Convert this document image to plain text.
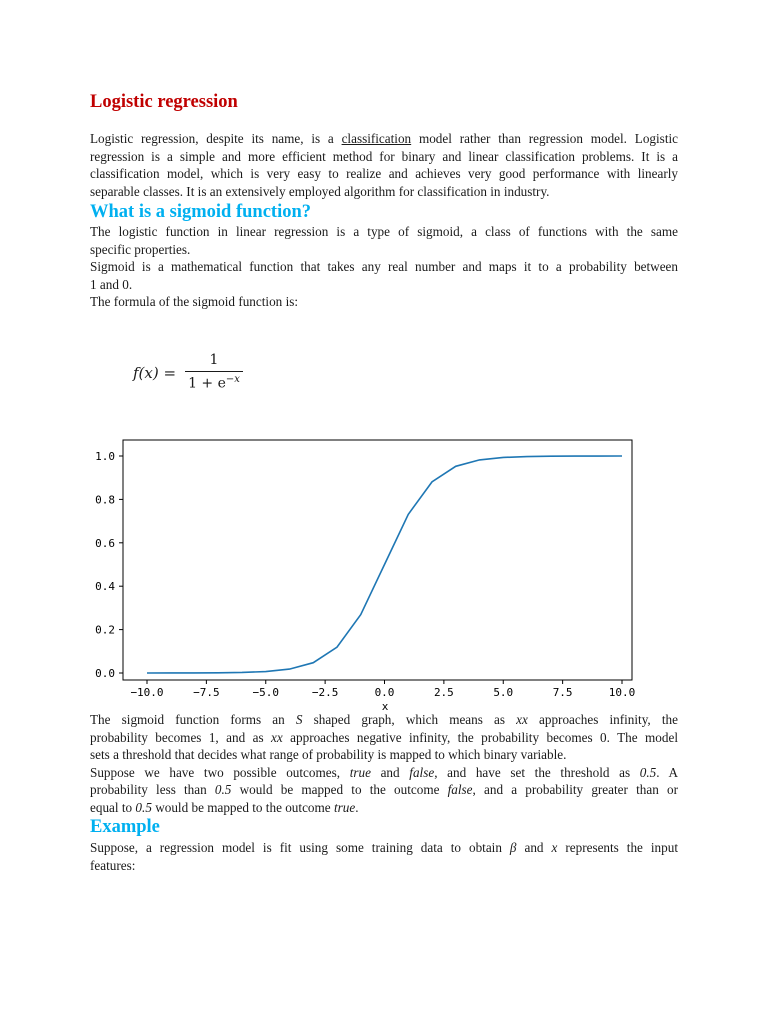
Logistic regression
Logistic regression, despite its name, is a classification model rather than regression model. Logistic
regression is a simple and more efficient method for binary and linear classification problems. It is a
classification model, which is very easy to realize and achieves very good performance with linearly
separable classes. It is an extensively employed algorithm for classification in industry.
What is a sigmoid function?
The logistic function in linear regression is a type of sigmoid, a class of functions with the same
specific properties.
Sigmoid is a mathematical function that takes any real number and maps it to a probability between
1 and 0.
The formula of the sigmoid function is:
f(x) =
1
$1 + e^{-x}$
0.0
0.2
0.4
0.6
0.8
1.0
−10.0	−7.5	−5.0	−2.5	0.0	2.5	5.0	7.5	10.0
x
The sigmoid function forms an S shaped graph, which means as xx approaches infinity, the
probability becomes 1, and as xx approaches negative infinity, the probability becomes 0. The model
sets a threshold that decides what range of probability is mapped to which binary variable.
Suppose we have two possible outcomes, true and false, and have set the threshold as 0.5. A
probability less than 0.5 would be mapped to the outcome false, and a probability greater than or
equal to 0.5 would be mapped to the outcome true.
Example
Suppose, a regression model is fit using some training data to obtain β and x represents the input
features:
